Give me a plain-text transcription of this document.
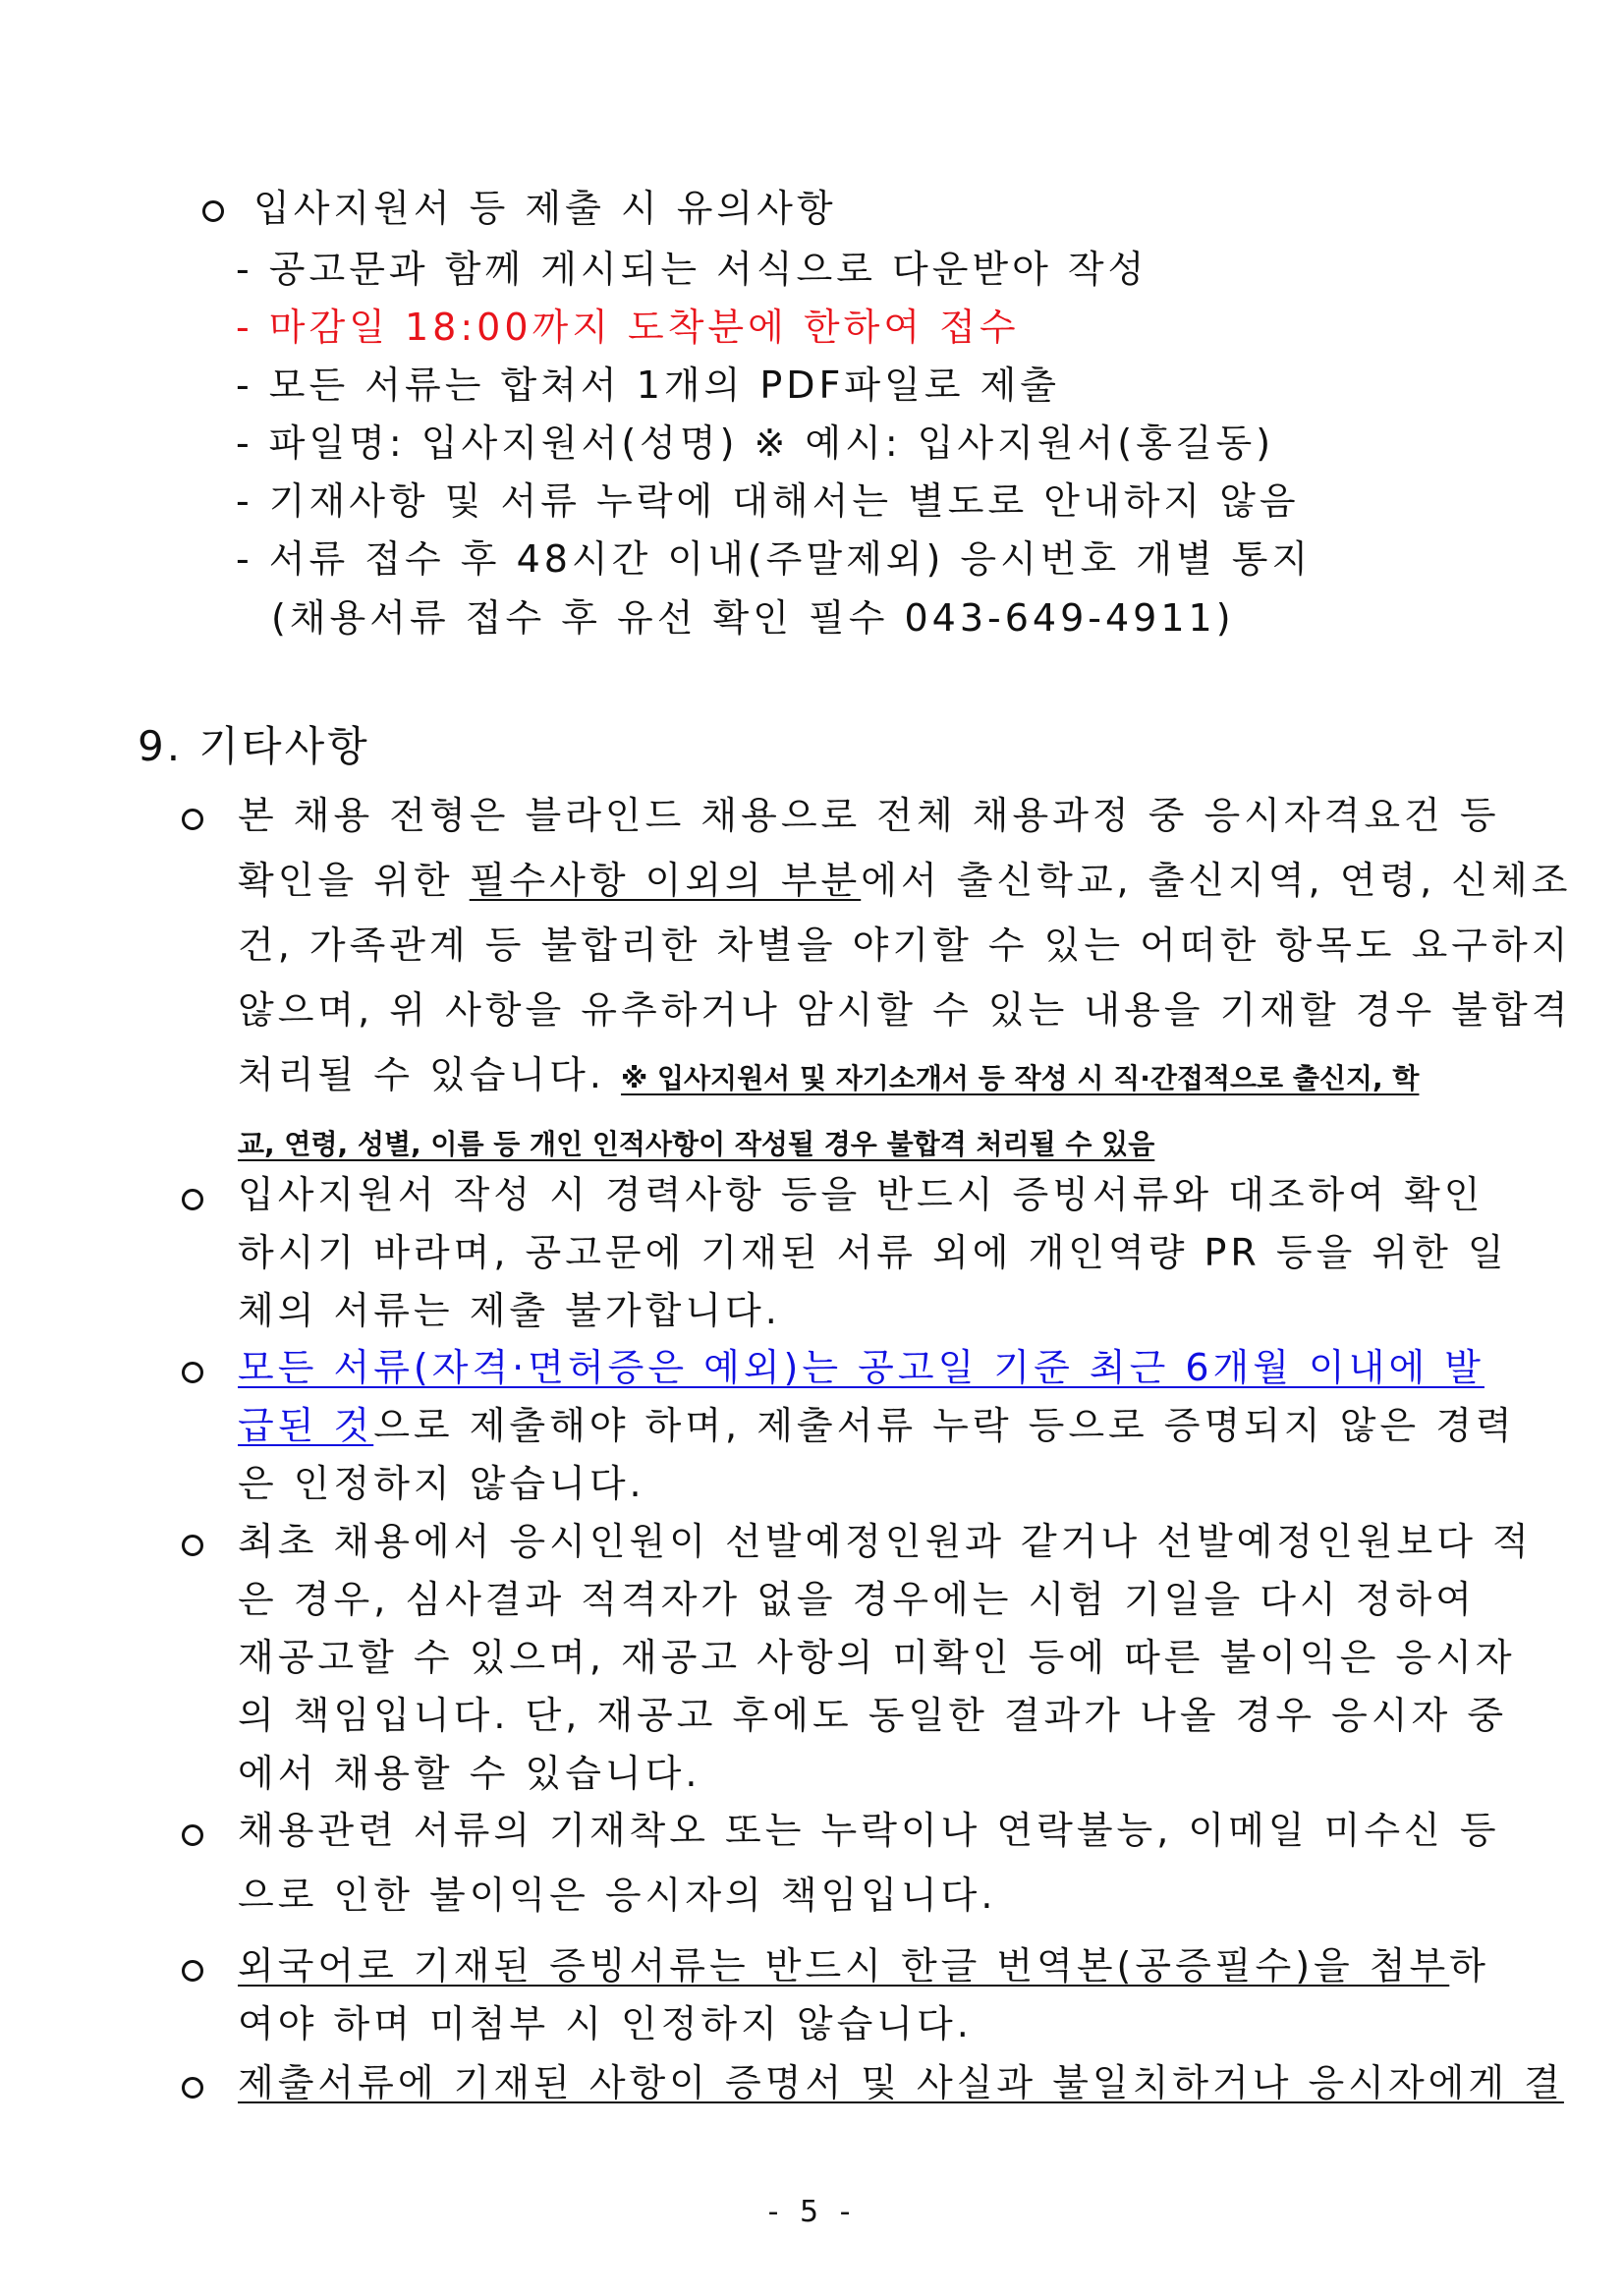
입사지원서 등 제출 시 유의사항
- 공고문과 함께 게시되는 서식으로 다운받아 작성
- 마감일 18:00까지 도착분에 한하여 접수
- 모든 서류는 합쳐서 1개의 PDF파일로 제출
- 파일명: 입사지원서(성명) ※ 예시: 입사지원서(홍길동)
- 기재사항 및 서류 누락에 대해서는 별도로 안내하지 않음
- 서류 접수 후 48시간 이내(주말제외) 응시번호 개별 통지
(채용서류 접수 후 유선 확인 필수 043-649-4911)
9. 기타사항
본 채용 전형은 블라인드 채용으로 전체 채용과정 중 응시자격요건 등
확인을 위한 필수사항 이외의 부분에서 출신학교, 출신지역, 연령, 신체조
건, 가족관계 등 불합리한 차별을 야기할 수 있는 어떠한 항목도 요구하지
않으며, 위 사항을 유추하거나 암시할 수 있는 내용을 기재할 경우 불합격
처리될 수 있습니다. ※ 입사지원서 및 자기소개서 등 작성 시 직·간접적으로 출신지, 학
교, 연령, 성별, 이름 등 개인 인적사항이 작성될 경우 불합격 처리될 수 있음
입사지원서 작성 시 경력사항 등을 반드시 증빙서류와 대조하여 확인
하시기 바라며, 공고문에 기재된 서류 외에 개인역량 PR 등을 위한 일
체의 서류는 제출 불가합니다.
모든 서류(자격·면허증은 예외)는 공고일 기준 최근 6개월 이내에 발
급된 것으로 제출해야 하며, 제출서류 누락 등으로 증명되지 않은 경력
은 인정하지 않습니다.
최초 채용에서 응시인원이 선발예정인원과 같거나 선발예정인원보다 적
은 경우, 심사결과 적격자가 없을 경우에는 시험 기일을 다시 정하여
재공고할 수 있으며, 재공고 사항의 미확인 등에 따른 불이익은 응시자
의 책임입니다. 단, 재공고 후에도 동일한 결과가 나올 경우 응시자 중
에서 채용할 수 있습니다.
채용관련 서류의 기재착오 또는 누락이나 연락불능, 이메일 미수신 등
으로 인한 불이익은 응시자의 책임입니다.
외국어로 기재된 증빙서류는 반드시 한글 번역본(공증필수)을 첨부하
여야 하며 미첨부 시 인정하지 않습니다.
제출서류에 기재된 사항이 증명서 및 사실과 불일치하거나 응시자에게 결
- 5 -
